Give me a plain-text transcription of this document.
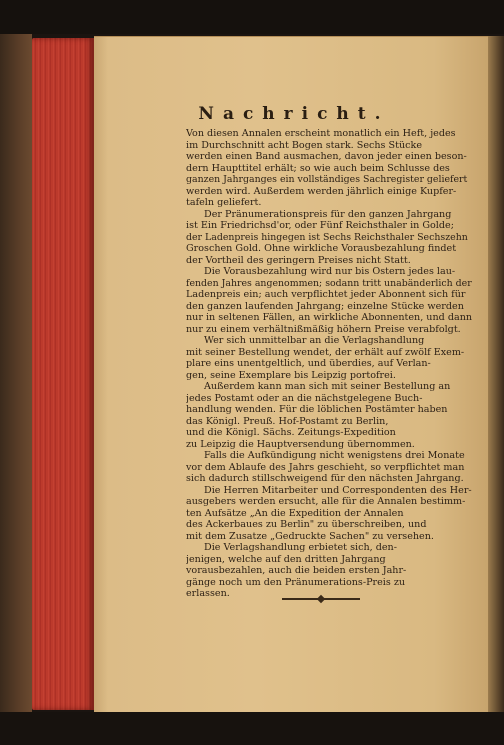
Nachricht.
Von diesen Annalen erscheint monatlich ein Heft, jedes
im Durchschnitt acht Bogen stark. Sechs Stücke
werden einen Band ausmachen, davon jeder einen beson-
dern Haupttitel erhält; so wie auch beim Schlusse des
ganzen Jahrganges ein vollständiges Sachregister geliefert
werden wird. Außerdem werden jährlich einige Kupfer-
tafeln geliefert.
Der Pränumerationspreis für den ganzen Jahrgang
ist Ein Friedrichsd'or, oder Fünf Reichsthaler in Golde;
der Ladenpreis hingegen ist Sechs Reichsthaler Sechszehn
Groschen Gold. Ohne wirkliche Vorausbezahlung findet
der Vortheil des geringern Preises nicht Statt.
Die Vorausbezahlung wird nur bis Ostern jedes lau-
fenden Jahres angenommen; sodann tritt unabänderlich der
Ladenpreis ein; auch verpflichtet jeder Abonnent sich für
den ganzen laufenden Jahrgang; einzelne Stücke werden
nur in seltenen Fällen, an wirkliche Abonnenten, und dann
nur zu einem verhältnißmäßig höhern Preise verabfolgt.
Wer sich unmittelbar an die Verlagshandlung
mit seiner Bestellung wendet, der erhält auf zwölf Exem-
plare eins unentgeltlich, und überdies, auf Verlan-
gen, seine Exemplare bis Leipzig portofrei.
Außerdem kann man sich mit seiner Bestellung an
jedes Postamt oder an die nächstgelegene Buch-
handlung wenden. Für die löblichen Postämter haben
das Königl. Preuß. Hof-Postamt zu Berlin,
und die Königl. Sächs. Zeitungs-Expedition
zu Leipzig die Hauptversendung übernommen.
Falls die Aufkündigung nicht wenigstens drei Monate
vor dem Ablaufe des Jahrs geschieht, so verpflichtet man
sich dadurch stillschweigend für den nächsten Jahrgang.
Die Herren Mitarbeiter und Correspondenten des Her-
ausgebers werden ersucht, alle für die Annalen bestimm-
ten Aufsätze „An die Expedition der Annalen
des Ackerbaues zu Berlin" zu überschreiben, und
mit dem Zusatze „Gedruckte Sachen" zu versehen.
Die Verlagshandlung erbietet sich, den-
jenigen, welche auf den dritten Jahrgang
vorausbezahlen, auch die beiden ersten Jahr-
gänge noch um den Pränumerations-Preis zu
erlassen.
